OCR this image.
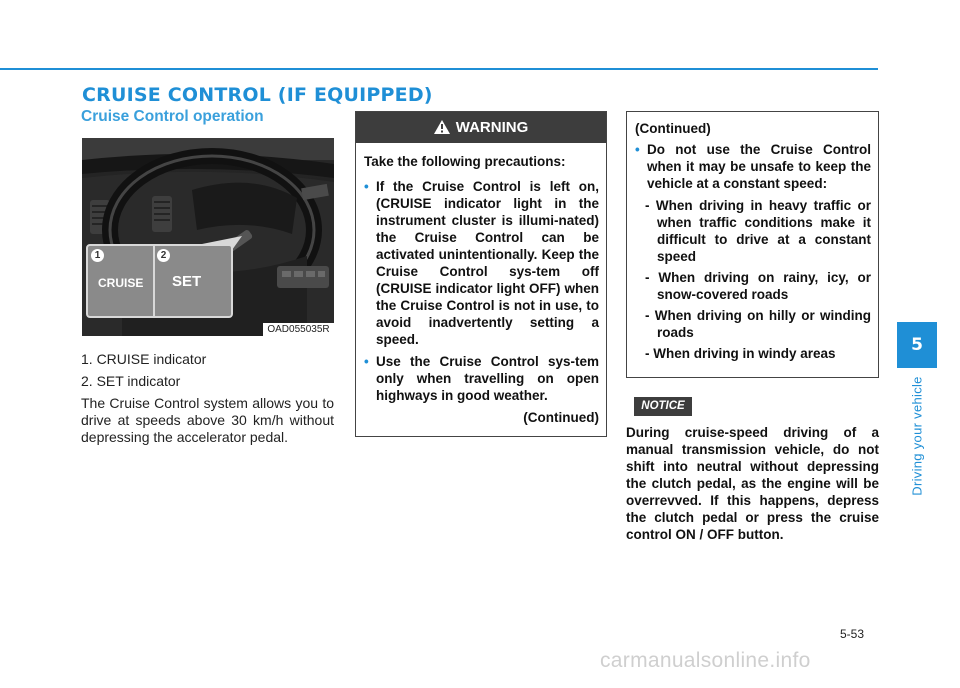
CRUISE CONTROL (IF EQUIPPED)
Cruise Control operation
CRUISE SET
1	2
OAD055035R
1. CRUISE indicator
2. SET indicator
The Cruise Control system allows you to drive at speeds above 30 km/h without depressing the accelerator pedal.
WARNING

Take the following precautions:

• If the Cruise Control is left on, (CRUISE indicator light in the instrument cluster is illumi-nated) the Cruise Control can be activated unintentionally. Keep the Cruise Control sys-tem off (CRUISE indicator light OFF) when the Cruise Control is not in use, to avoid inadvertently setting a speed.
• Use the Cruise Control sys-tem only when travelling on open highways in good weather.
(Continued)

(Continued)

• Do not use the Cruise Control when it may be unsafe to keep the vehicle at a constant speed:
- When driving in heavy traffic or when traffic conditions make it difficult to drive at a constant speed
- When driving on rainy, icy, or snow-covered roads
- When driving on hilly or winding roads
- When driving in windy areas
NOTICE
During cruise-speed driving of a manual transmission vehicle, do not shift into neutral without depressing the clutch pedal, as the engine will be overrevved. If this happens, depress the clutch pedal or press the cruise control ON / OFF button.
5
Driving your vehicle
5-53
carmanualsonline.info
